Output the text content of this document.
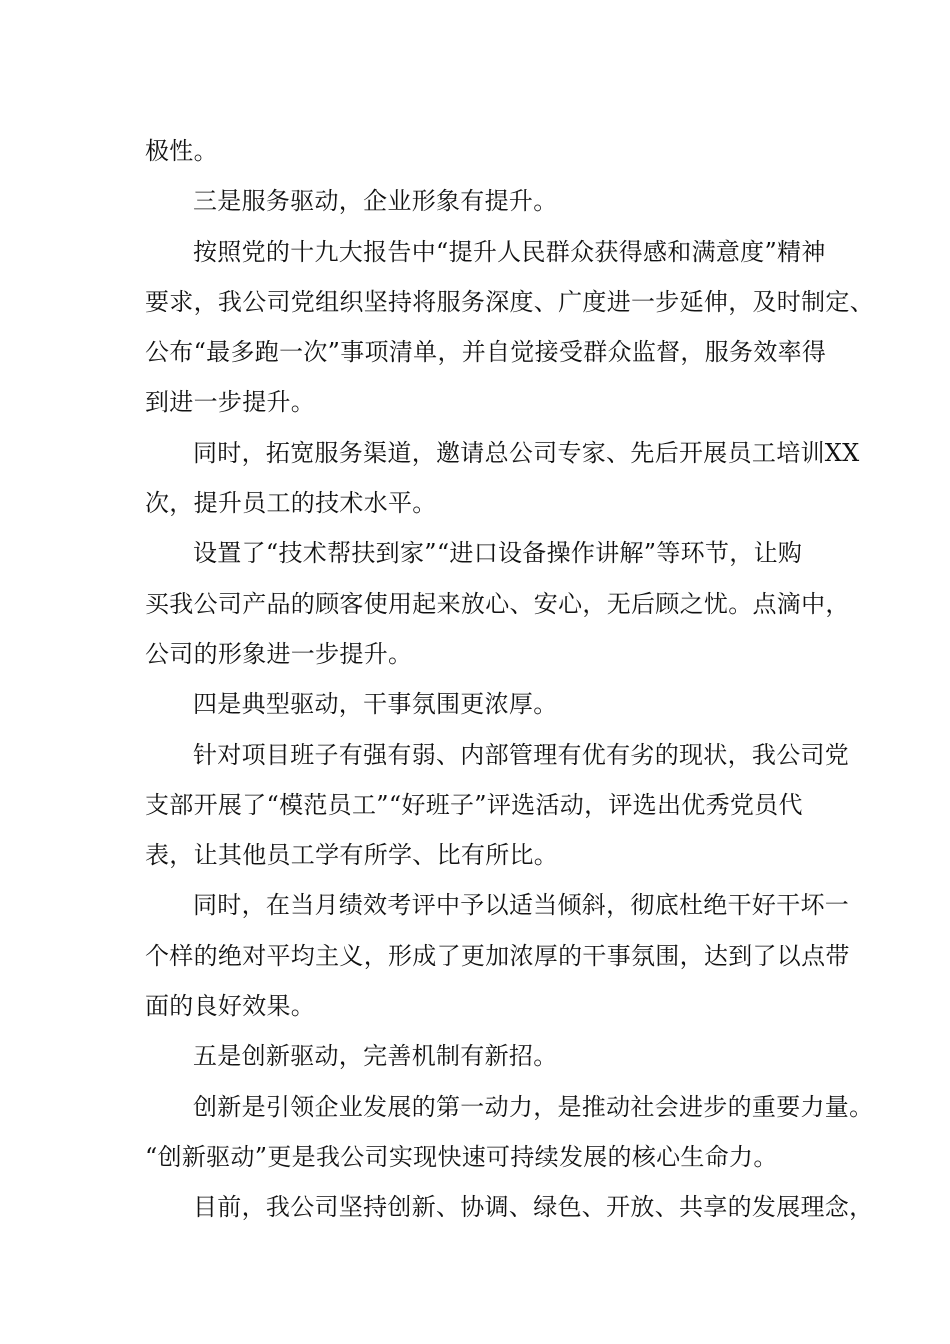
极性。

三是服务驱动，企业形象有提升。

按照党的十九大报告中“提升人民群众获得感和满意度”精神
要求，我公司党组织坚持将服务深度、广度进一步延伸，及时制定、
公布“最多跑一次”事项清单，并自觉接受群众监督，服务效率得
到进一步提升。

同时，拓宽服务渠道，邀请总公司专家、先后开展员工培训XX
次，提升员工的技术水平。

设置了“技术帮扶到家”“进口设备操作讲解”等环节，让购
买我公司产品的顾客使用起来放心、安心，无后顾之忧。点滴中，
公司的形象进一步提升。

四是典型驱动，干事氛围更浓厚。

针对项目班子有强有弱、内部管理有优有劣的现状，我公司党
支部开展了“模范员工”“好班子”评选活动，评选出优秀党员代
表，让其他员工学有所学、比有所比。

同时，在当月绩效考评中予以适当倾斜，彻底杜绝干好干坏一
个样的绝对平均主义，形成了更加浓厚的干事氛围，达到了以点带
面的良好效果。

五是创新驱动，完善机制有新招。

创新是引领企业发展的第一动力，是推动社会进步的重要力量。
“创新驱动”更是我公司实现快速可持续发展的核心生命力。

目前，我公司坚持创新、协调、绿色、开放、共享的发展理念，
